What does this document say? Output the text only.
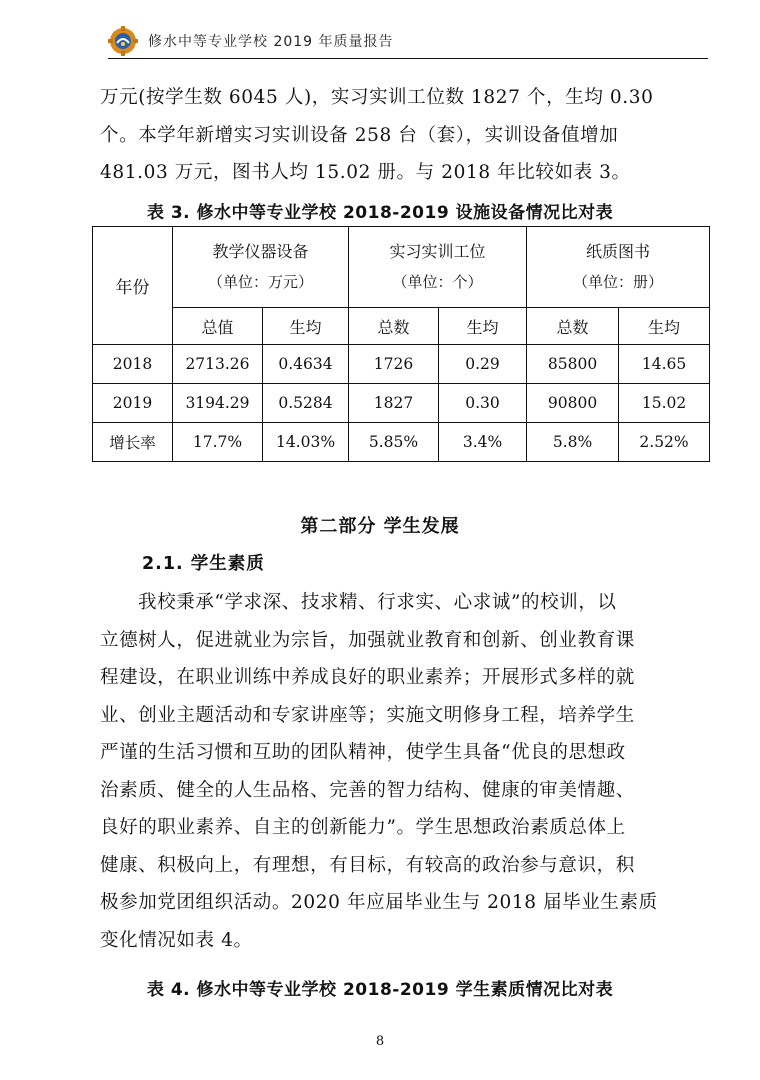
修水中等专业学校 2019 年质量报告

万元(按学生数 6045 人)，实习实训工位数 1827 个，生均 0.30

个。本学年新增实习实训设备 258 台（套），实训设备值增加

481.03 万元，图书人均 15.02 册。与 2018 年比较如表 3。

表 3. 修水中等专业学校 2018-2019 设施设备情况比对表
年份	教学仪器设备
（单位：万元）		实习实训工位
（单位：个）		纸质图书
（单位：册）	

	总值	生均	总数	生均	总数	生均
2018	2713.26	0.4634	1726	0.29	85800	14.65
2019	3194.29	0.5284	1827	0.30	90800	15.02
增长率	17.7%	14.03%	5.85%	3.4%	5.8%	2.52%
第二部分 学生发展
2.1. 学生素质

我校秉承“学求深、技求精、行求实、心求诚”的校训，以

立德树人，促进就业为宗旨，加强就业教育和创新、创业教育课

程建设，在职业训练中养成良好的职业素养；开展形式多样的就

业、创业主题活动和专家讲座等；实施文明修身工程，培养学生

严谨的生活习惯和互助的团队精神，使学生具备“优良的思想政

治素质、健全的人生品格、完善的智力结构、健康的审美情趣、

良好的职业素养、自主的创新能力”。学生思想政治素质总体上

健康、积极向上，有理想，有目标，有较高的政治参与意识，积

极参加党团组织活动。2020 年应届毕业生与 2018 届毕业生素质

变化情况如表 4。

表 4. 修水中等专业学校 2018-2019 学生素质情况比对表
8
